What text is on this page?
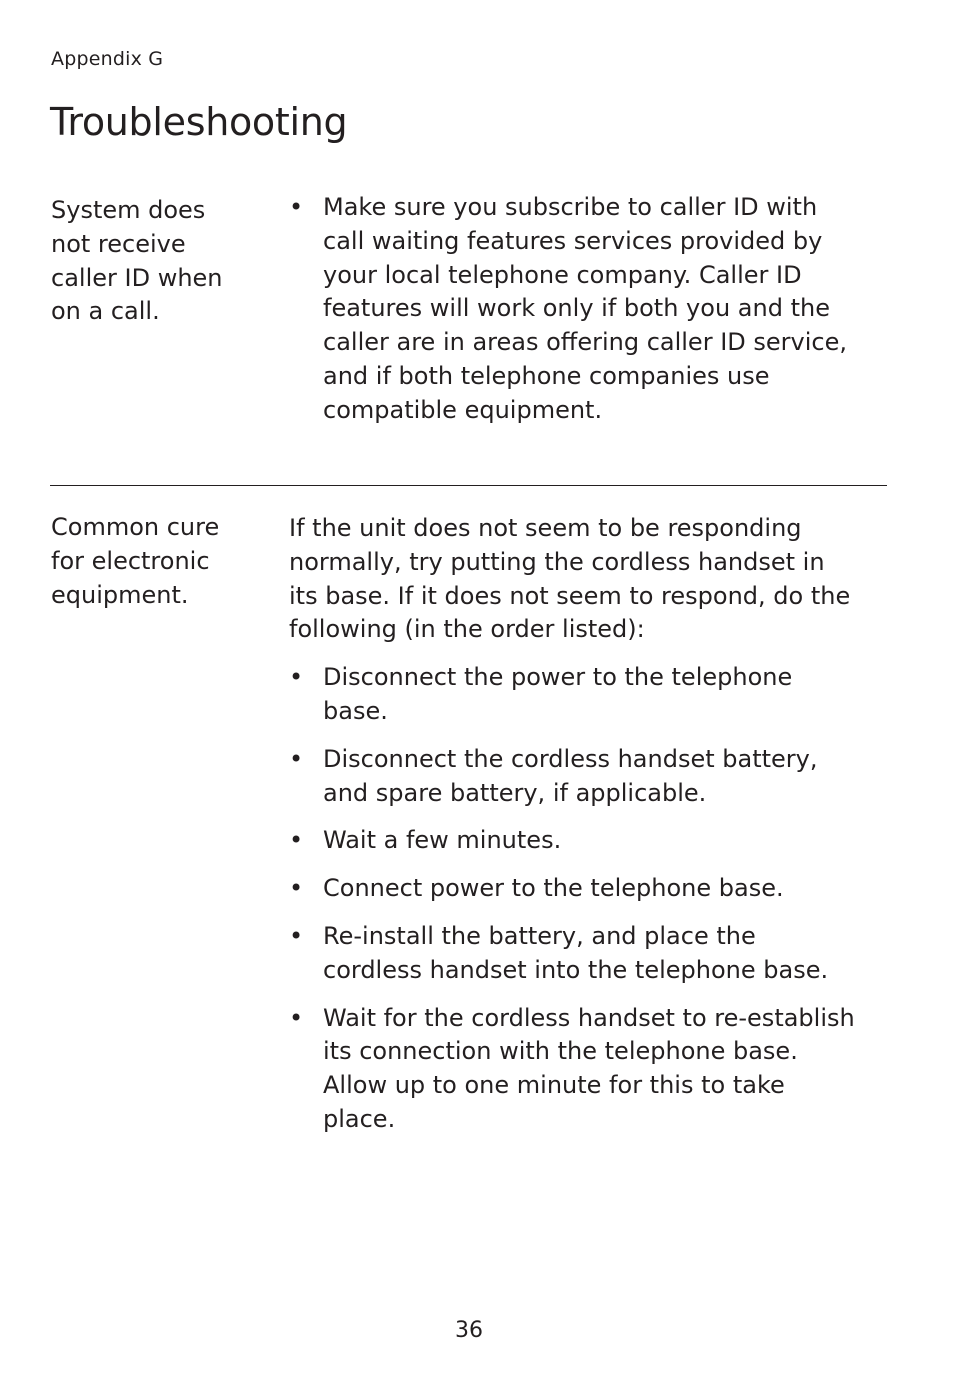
Appendix G
Troubleshooting
System does
not receive
caller ID when
on a call.
• Make sure you subscribe to caller ID with
call waiting features services provided by
your local telephone company. Caller ID
features will work only if both you and the
caller are in areas offering caller ID service,
and if both telephone companies use
compatible equipment.
Common cure
for electronic
equipment.

If the unit does not seem to be responding
normally, try putting the cordless handset in
its base. If it does not seem to respond, do the
following (in the order listed):

• Disconnect the power to the telephone
base.
• Disconnect the cordless handset battery,
and spare battery, if applicable.
• Wait a few minutes.
• Connect power to the telephone base.
• Re-install the battery, and place the
cordless handset into the telephone base.
• Wait for the cordless handset to re-establish
its connection with the telephone base.
Allow up to one minute for this to take
place.
36
